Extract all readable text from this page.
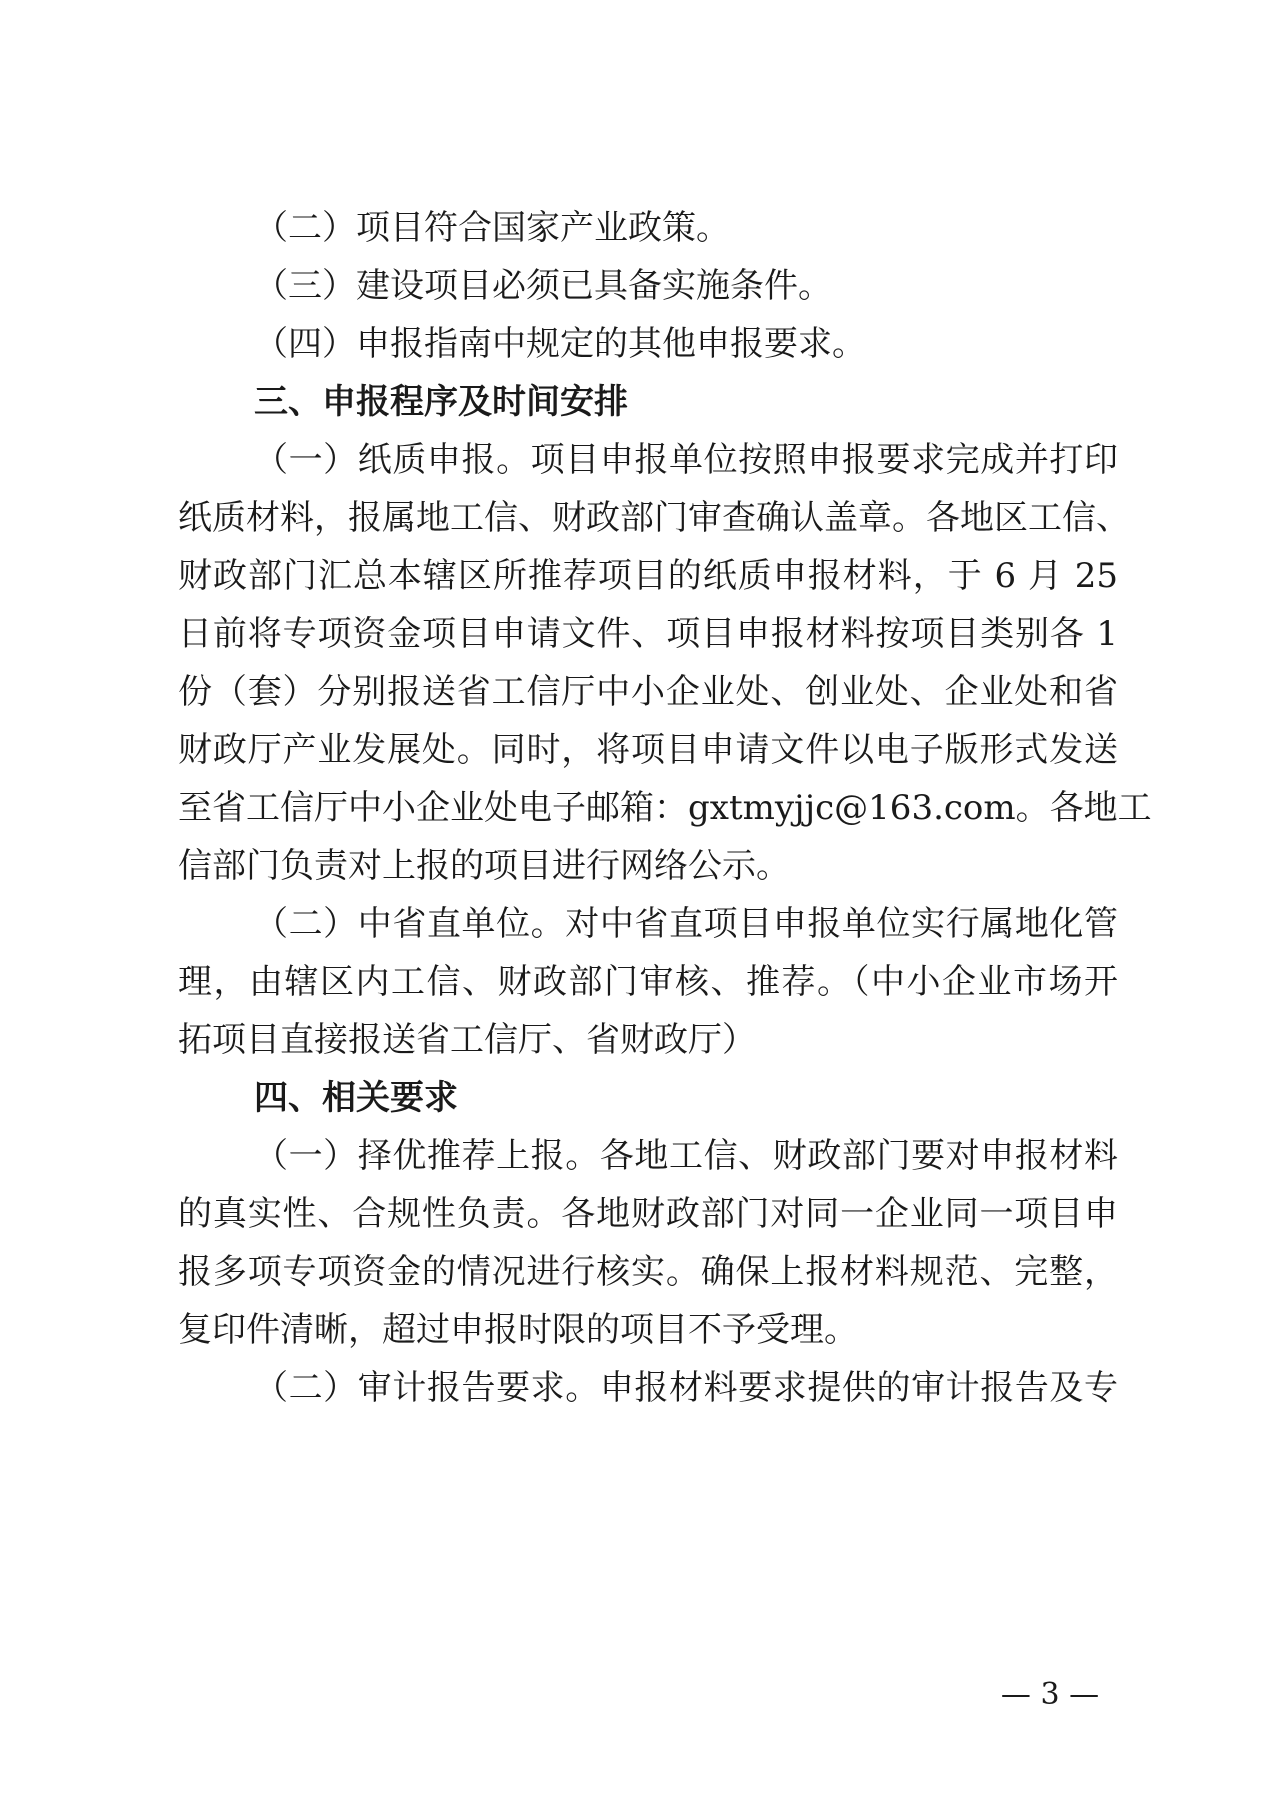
（二）项目符合国家产业政策。
（三）建设项目必须已具备实施条件。
（四）申报指南中规定的其他申报要求。
三、申报程序及时间安排
（一）纸质申报。项目申报单位按照申报要求完成并打印
纸质材料，报属地工信、财政部门审查确认盖章。各地区工信、
财政部门汇总本辖区所推荐项目的纸质申报材料，于 6 月 25
日前将专项资金项目申请文件、项目申报材料按项目类别各 1
份（套）分别报送省工信厅中小企业处、创业处、企业处和省
财政厅产业发展处。同时，将项目申请文件以电子版形式发送
至省工信厅中小企业处电子邮箱：gxtmyjjc@163.com。各地工
信部门负责对上报的项目进行网络公示。
（二）中省直单位。对中省直项目申报单位实行属地化管
理，由辖区内工信、财政部门审核、推荐。（中小企业市场开
拓项目直接报送省工信厅、省财政厅）
四、相关要求
（一）择优推荐上报。各地工信、财政部门要对申报材料
的真实性、合规性负责。各地财政部门对同一企业同一项目申
报多项专项资金的情况进行核实。确保上报材料规范、完整，
复印件清晰，超过申报时限的项目不予受理。
（二）审计报告要求。申报材料要求提供的审计报告及专
— 3 —
